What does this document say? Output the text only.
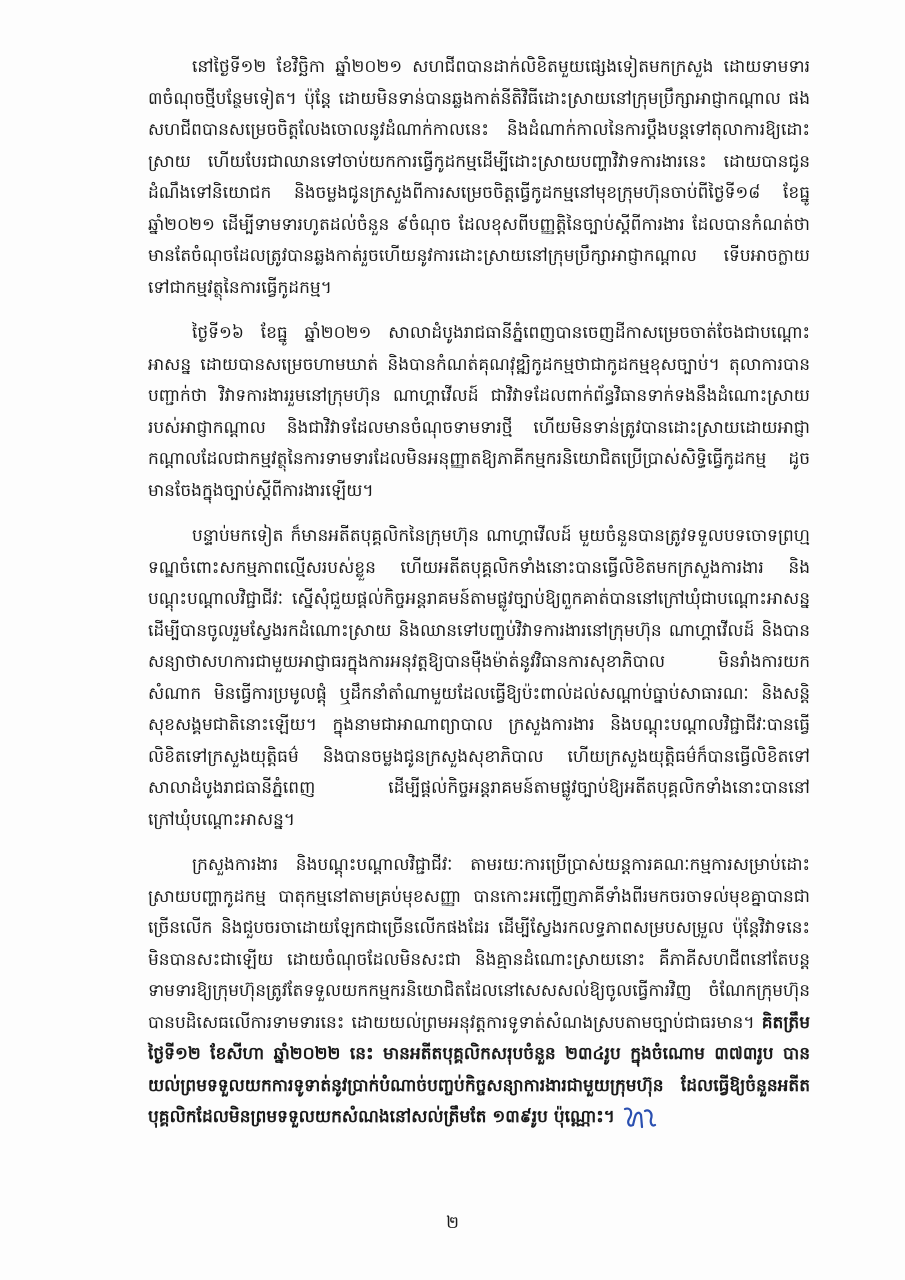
នៅថ្ងៃទី១២ ខែវិច្ឆិកា ឆ្នាំ២០២១ សហជីពបានដាក់លិខិតមួយផ្សេងទៀតមកក្រសួង ដោយទាមទារ ៣ចំណុចថ្មីបន្ថែមទៀត។ ប៉ុន្តែ ដោយមិនទាន់បានឆ្លងកាត់នីតិវិធីដោះស្រាយនៅក្រុមប្រឹក្សាអាជ្ញាកណ្តាល ផង សហជីពបានសម្រេចចិត្តលែងចោលនូវដំណាក់កាលនេះ និងដំណាក់កាលនៃការប្តឹងបន្តទៅតុលាការឱ្យដោះស្រាយ ហើយបែរជាឈានទៅចាប់យកការធ្វើកូដកម្មដើម្បីដោះស្រាយបញ្ហាវិវាទការងារនេះ ដោយបានជូនដំណឹងទៅនិយោជក និងចម្លងជូនក្រសួងពីការសម្រេចចិត្តធ្វើកូដកម្មនៅមុខក្រុមហ៊ុនចាប់ពីថ្ងៃទី១៨ ខែធ្នូ ឆ្នាំ២០២១ ដើម្បីទាមទារហូតដល់ចំនួន ៩ចំណុច ដែលខុសពីបញ្ញត្តិនៃច្បាប់ស្តីពីការងារ ដែលបានកំណត់ថាមានតែចំណុចដែលត្រូវបានឆ្លងកាត់រួចហើយនូវការដោះស្រាយនៅក្រុមប្រឹក្សាអាជ្ញាកណ្តាល ទើបអាចក្លាយទៅជាកម្មវត្ថុនៃការធ្វើកូដកម្ម។

ថ្ងៃទី១៦ ខែធ្នូ ឆ្នាំ២០២១ សាលាដំបូងរាជធានីភ្នំពេញបានចេញដីកាសម្រេចចាត់ចែងជាបណ្តោះអាសន្ន ដោយបានសម្រេចហាមឃាត់ និងបានកំណត់គុណវុឌ្ឍិកូដកម្មថាជាកូដកម្មខុសច្បាប់។ តុលាការបានបញ្ជាក់ថា វិវាទការងាររួមនៅក្រុមហ៊ុន ណាហ្គាវើលដ៍ ជាវិវាទដែលពាក់ព័ន្ធវិធានទាក់ទងនឹងដំណោះស្រាយរបស់អាជ្ញាកណ្តាល និងជាវិវាទដែលមានចំណុចទាមទារថ្មី ហើយមិនទាន់ត្រូវបានដោះស្រាយដោយអាជ្ញាកណ្តាលដែលជាកម្មវត្ថុនៃការទាមទារដែលមិនអនុញ្ញាតឱ្យភាគីកម្មករនិយោជិតប្រើប្រាស់សិទ្ធិធ្វើកូដកម្ម ដូចមានចែងក្នុងច្បាប់ស្តីពីការងារឡើយ។

បន្ទាប់មកទៀត ក៏មានអតីតបុគ្គលិកនៃក្រុមហ៊ុន ណាហ្គាវើលដ៍ មួយចំនួនបានត្រូវទទួលបទចោទព្រហ្មទណ្ឌចំពោះសកម្មភាពល្មើសរបស់ខ្លួន ហើយអតីតបុគ្គលិកទាំងនោះបានធ្វើលិខិតមកក្រសួងការងារ និងបណ្តុះបណ្តាលវិជ្ជាជីវៈ ស្នើសុំជួយផ្តល់កិច្ចអន្តរាគមន៍តាមផ្លូវច្បាប់ឱ្យពួកគាត់បាននៅក្រៅឃុំជាបណ្តោះអាសន្ន ដើម្បីបានចូលរួមស្វែងរកដំណោះស្រាយ និងឈានទៅបញ្ចប់វិវាទការងារនៅក្រុមហ៊ុន ណាហ្គាវើលដ៍ និងបានសន្យាថាសហការជាមួយអាជ្ញាធរក្នុងការអនុវត្តឱ្យបានម៉ឺងម៉ាត់នូវវិធានការសុខាភិបាល មិនរាំងការយកសំណាក មិនធ្វើការប្រមូលផ្តុំ ឬដឹកនាំតាំណាមួយដែលធ្វើឱ្យប៉ះពាល់ដល់សណ្តាប់ធ្នាប់សាធារណៈ និងសន្តិសុខសង្គមជាតិនោះឡើយ។ ក្នុងនាមជាអាណាព្យាបាល ក្រសួងការងារ និងបណ្តុះបណ្តាលវិជ្ជាជីវៈបានធ្វើលិខិតទៅក្រសួងយុត្តិធម៌ និងបានចម្លងជូនក្រសួងសុខាភិបាល ហើយក្រសួងយុត្តិធម៌ក៏បានធ្វើលិខិតទៅសាលាដំបូងរាជធានីភ្នំពេញ ដើម្បីផ្តល់កិច្ចអន្តរាគមន៍តាមផ្លូវច្បាប់ឱ្យអតីតបុគ្គលិកទាំងនោះបាននៅក្រៅឃុំបណ្តោះអាសន្ន។

ក្រសួងការងារ និងបណ្តុះបណ្តាលវិជ្ជាជីវៈ តាមរយៈការប្រើប្រាស់យន្តការគណៈកម្មការសម្រាប់ដោះស្រាយបញ្ហាកូដកម្ម បាតុកម្មនៅតាមគ្រប់មុខសញ្ញា បានកោះអញ្ជើញភាគីទាំងពីរមកចរចាទល់មុខគ្នាបានជាច្រើនលើក និងជួបចរចាដោយឡែកជាច្រើនលើកផងដែរ ដើម្បីស្វែងរកលទ្ធភាពសម្របសម្រួល ប៉ុន្តែវិវាទនេះមិនបានសះជាឡើយ ដោយចំណុចដែលមិនសះជា និងគ្មានដំណោះស្រាយនោះ គឺភាគីសហជីពនៅតែបន្តទាមទារឱ្យក្រុមហ៊ុនត្រូវតែទទួលយកកម្មករនិយោជិតដែលនៅសេសសល់ឱ្យចូលធ្វើការវិញ ចំណែកក្រុមហ៊ុនបានបដិសេធលើការទាមទារនេះ ដោយយល់ព្រមអនុវត្តការទូទាត់សំណងស្របតាមច្បាប់ជាធរមាន។ គិតត្រឹមថ្ងៃទី១២ ខែសីហា ឆ្នាំ២០២២ នេះ មានអតីតបុគ្គលិកសរុបចំនួន ២៣៤រូប ក្នុងចំណោម ៣៧៣រូប បានយល់ព្រមទទួលយកការទូទាត់នូវប្រាក់បំណាច់បញ្ចប់កិច្ចសន្យាការងារជាមួយក្រុមហ៊ុន ដែលធ្វើឱ្យចំនួនអតីតបុគ្គលិកដែលមិនព្រមទទួលយកសំណងនៅសល់ត្រឹមតែ ១៣៩រូប ប៉ុណ្ណោះ។

២
